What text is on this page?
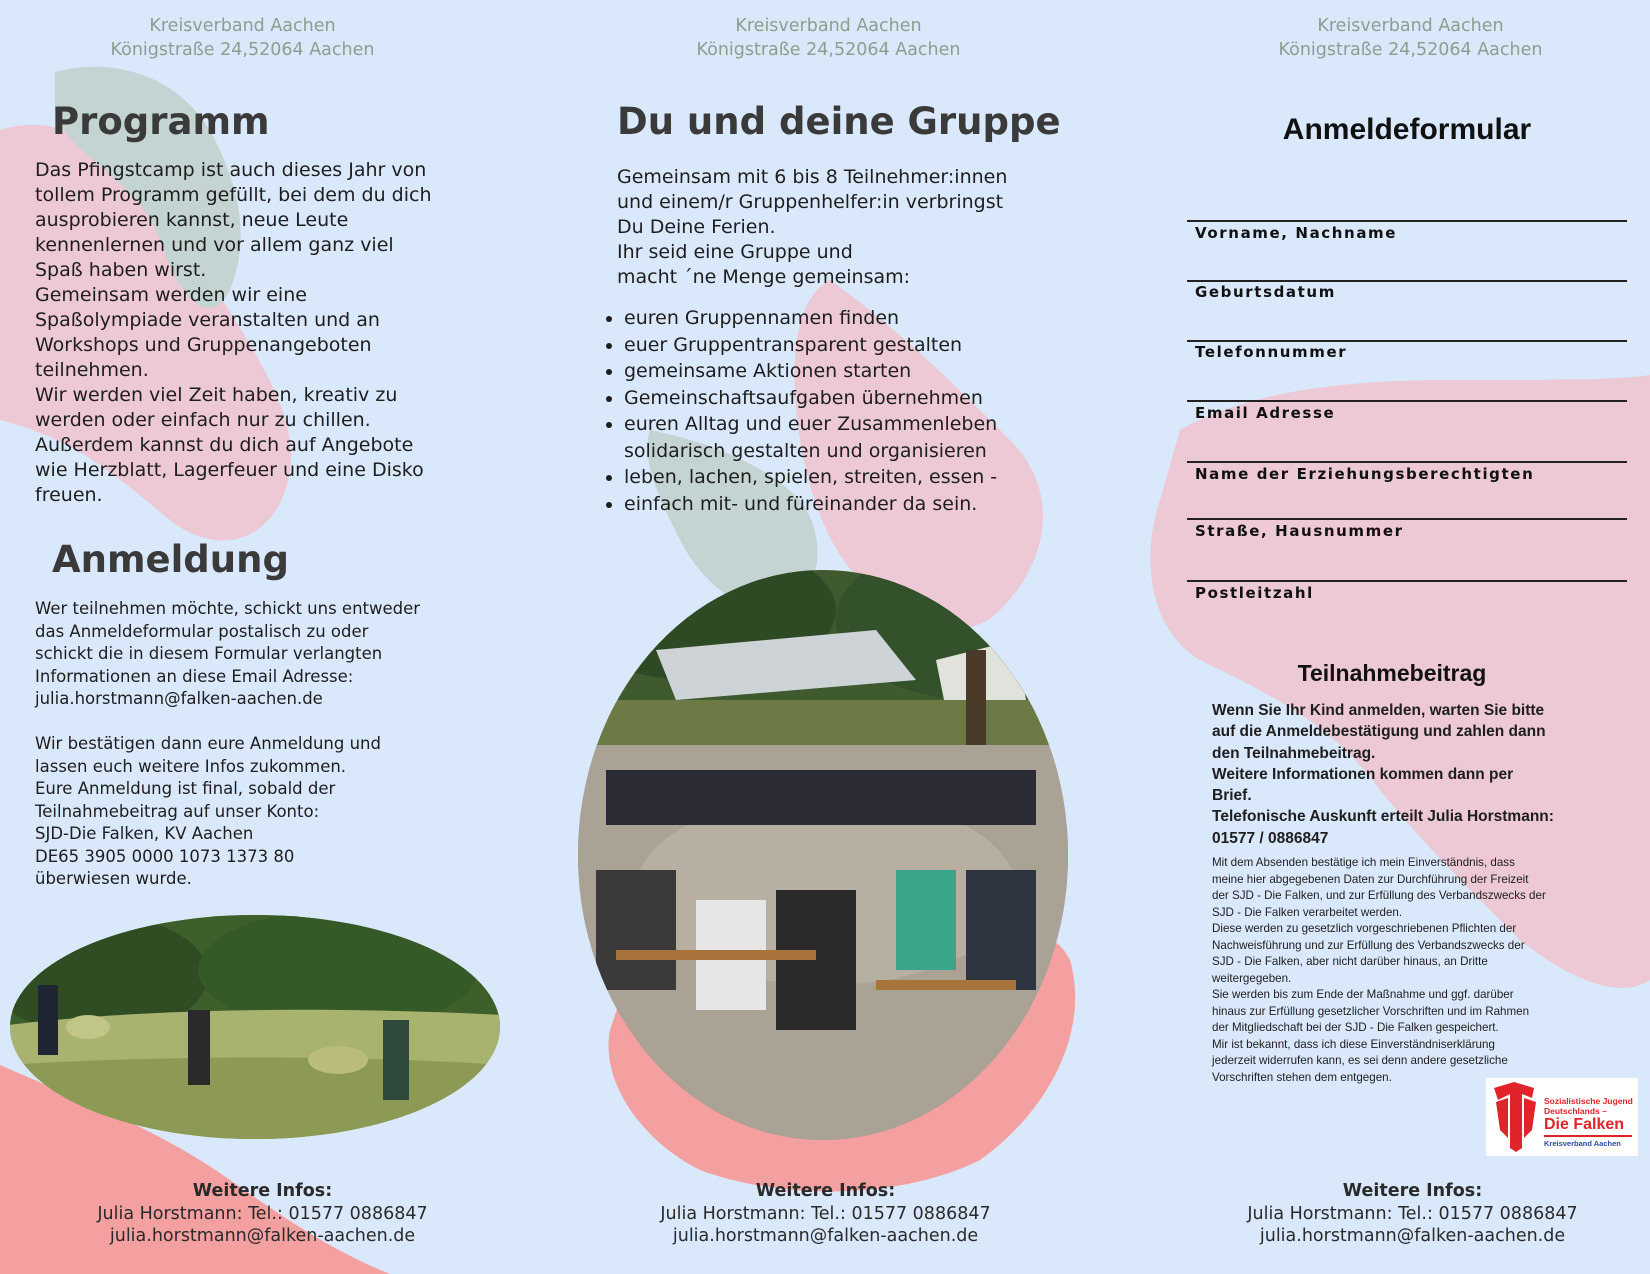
Kreisverband Aachen
Königstraße 24,52064 Aachen
Kreisverband Aachen
Königstraße 24,52064 Aachen
Kreisverband Aachen
Königstraße 24,52064 Aachen
Programm
Das Pfingstcamp ist auch dieses Jahr von
tollem Programm gefüllt, bei dem du dich
ausprobieren kannst, neue Leute
kennenlernen und vor allem ganz viel
Spaß haben wirst.
Gemeinsam werden wir eine
Spaßolympiade veranstalten und an
Workshops und Gruppenangeboten
teilnehmen.
Wir werden viel Zeit haben, kreativ zu
werden oder einfach nur zu chillen.
Außerdem kannst du dich auf Angebote
wie Herzblatt, Lagerfeuer und eine Disko
freuen.
Anmeldung
Wer teilnehmen möchte, schickt uns entweder
das Anmeldeformular postalisch zu oder
schickt die in diesem Formular verlangten
Informationen an diese Email Adresse:
julia.horstmann@falken-aachen.de
Wir bestätigen dann eure Anmeldung und
lassen euch weitere Infos zukommen.
Eure Anmeldung ist final, sobald der
Teilnahmebeitrag auf unser Konto:
SJD-Die Falken, KV Aachen
DE65 3905 0000 1073 1373 80
überwiesen wurde.
Weitere Infos:
Julia Horstmann: Tel.: 01577 0886847
julia.horstmann@falken-aachen.de
Du und deine Gruppe
Gemeinsam mit 6 bis 8 Teilnehmer:innen
und einem/r Gruppenhelfer:in verbringst
Du Deine Ferien.
Ihr seid eine Gruppe und
macht ´ne Menge gemeinsam:
• euren Gruppennamen finden
• euer Gruppentransparent gestalten
• gemeinsame Aktionen starten
• Gemeinschaftsaufgaben übernehmen
• euren Alltag und euer Zusammenleben solidarisch gestalten und organisieren
• leben, lachen, spielen, streiten, essen -
• einfach mit- und füreinander da sein.
Weitere Infos:
Julia Horstmann: Tel.: 01577 0886847
julia.horstmann@falken-aachen.de
Anmeldeformular
Vorname, Nachname
Geburtsdatum
Telefonnummer
Email Adresse
Name der Erziehungsberechtigten
Straße, Hausnummer
Postleitzahl
Teilnahmebeitrag
Wenn Sie Ihr Kind anmelden, warten Sie bitte
auf die Anmeldebestätigung und zahlen dann
den Teilnahmebeitrag.
Weitere Informationen kommen dann per
Brief.
Telefonische Auskunft erteilt Julia Horstmann:
01577 / 0886847
Mit dem Absenden bestätige ich mein Einverständnis, dass
meine hier abgegebenen Daten zur Durchführung der Freizeit
der SJD - Die Falken, und zur Erfüllung des Verbandszwecks der
SJD - Die Falken verarbeitet werden.
Diese werden zu gesetzlich vorgeschriebenen Pflichten der
Nachweisführung und zur Erfüllung des Verbandszwecks der
SJD - Die Falken, aber nicht darüber hinaus, an Dritte
weitergegeben.
Sie werden bis zum Ende der Maßnahme und ggf. darüber
hinaus zur Erfüllung gesetzlicher Vorschriften und im Rahmen
der Mitgliedschaft bei der SJD - Die Falken gespeichert.
Mir ist bekannt, dass ich diese Einverständniserklärung
jederzeit widerrufen kann, es sei denn andere gesetzliche
Vorschriften stehen dem entgegen.
Sozialistische Jugend
Deutschlands –
Die Falken
Kreisverband Aachen
Weitere Infos:
Julia Horstmann: Tel.: 01577 0886847
julia.horstmann@falken-aachen.de
